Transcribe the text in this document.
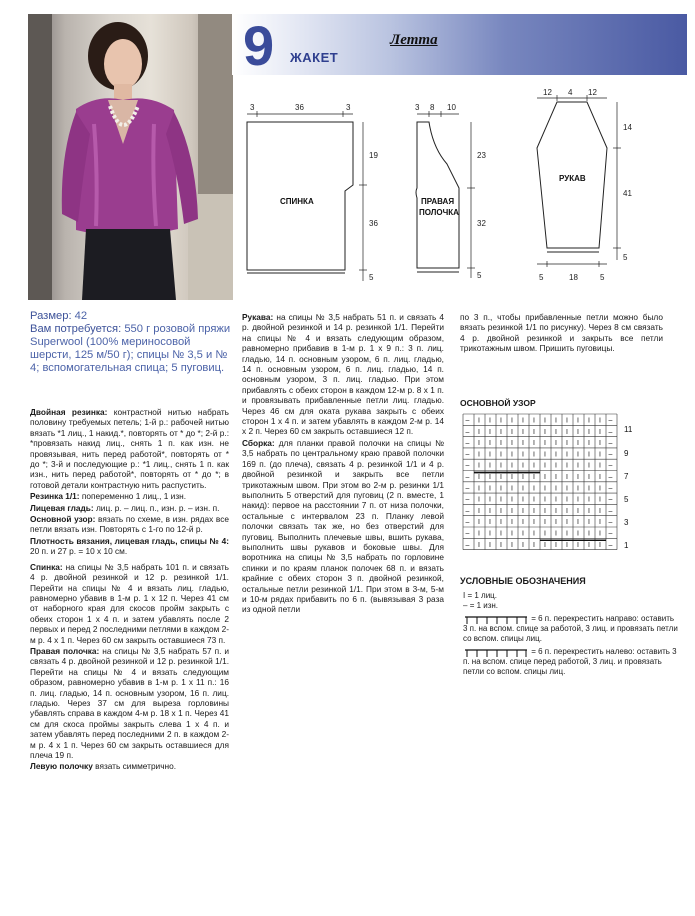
9 ЖАКЕТ
Летта
3	36	3
19
36
5
СПИНКА
3 8 10
23
32
5
ПРАВАЯ
ПОЛОЧКА
12 4 12
14
41
5
5	18	5
РУКАВ
Размер: 42
Вам потребуется: 550 г розовой пряжи Superwool (100% мериносовой шерсти, 125 м/50 г); спицы № 3,5 и № 4; вспомогательная спица; 5 пуговиц.

Двойная резинка: контрастной нитью набрать половину требуемых петель; 1-й р.: рабочей нитью вязать *1 лиц., 1 накид.*, повторять от * до *; 2-й р.: *провязать накид лиц., снять 1 п. как изн. не провязывая, нить перед работой*, повторять от * до *; 3-й и последующие р.: *1 лиц., снять 1 п. как изн., нить перед работой*, повторять от * до *; в готовой детали контрастную нить распустить.

Резинка 1/1: попеременно 1 лиц., 1 изн.

Лицевая гладь: лиц. р. – лиц. п., изн. р. – изн. п.

Основной узор: вязать по схеме, в изн. рядах все петли вязать изн. Повторять с 1-го по 12-й р.

Плотность вязания, лицевая гладь, спицы № 4: 20 п. и 27 р. = 10 х 10 см.

Спинка: на спицы № 3,5 набрать 101 п. и связать 4 р. двойной резинкой и 12 р. резинкой 1/1. Перейти на спицы № 4 и вязать лиц. гладью, равномерно убавив в 1-м р. 1 х 12 п. Через 41 см от наборного края для скосов пройм закрыть с обеих сторон 1 х 4 п. и затем убавлять после 2 первых и перед 2 последними петлями в каждом 2-м р. 4 х 1 п. Через 60 см закрыть оставшиеся 73 п.

Правая полочка: на спицы № 3,5 набрать 57 п. и связать 4 р. двойной резинкой и 12 р. резинкой 1/1. Перейти на спицы № 4 и вязать следующим образом, равномерно убавив в 1-м р. 1 х 11 п.: 16 п. лиц. гладью, 14 п. основным узором, 16 п. лиц. гладью. Через 37 см для выреза горловины убавлять справа в каждом 4-м р. 18 х 1 п. Через 41 см для скоса проймы закрыть слева 1 х 4 п. и затем убавлять перед последними 2 п. в каждом 2-м р. 4 х 1 п. Через 60 см закрыть оставшиеся для плеча 19 п.

Левую полочку вязать симметрично.

Рукава: на спицы № 3,5 набрать 51 п. и связать 4 р. двойной резинкой и 14 р. резинкой 1/1. Перейти на спицы № 4 и вязать следующим образом, равномерно прибавив в 1-м р. 1 х 9 п.: 3 п. лиц. гладью, 14 п. основным узором, 6 п. лиц. гладью, 14 п. основным узором, 6 п. лиц. гладью, 14 п. основным узором, 3 п. лиц. гладью. При этом прибавлять с обеих сторон в каждом 12-м р. 8 х 1 п. и провязывать прибавленные петли лиц. гладью. Через 46 см для оката рукава закрыть с обеих сторон 1 х 4 п. и затем убавлять в каждом 2-м р. 14 х 2 п. Через 60 см закрыть оставшиеся 12 п.

Сборка: для планки правой полочки на спицы № 3,5 набрать по центральному краю правой полочки 169 п. (до плеча), связать 4 р. резинкой 1/1 и 4 р. двойной резинкой и закрыть все петли трикотажным швом. При этом во 2-м р. резинки 1/1 выполнить 5 отверстий для пуговиц (2 п. вместе, 1 накид): первое на расстоянии 7 п. от низа полочки, остальные с интервалом 23 п. Планку левой полочки связать так же, но без отверстий для пуговиц. Выполнить плечевые швы, вшить рукава, выполнить швы рукавов и боковые швы. Для воротника на спицы № 3,5 набрать по горловине спинки и по краям планок полочек 68 п. и вязать крайние с обеих сторон 3 п. двойной резинкой, остальные петли резинкой 1/1. При этом в 3-м, 5-м и 10-м рядах прибавить по 6 п. (вывязывая 3 раза из одной петли

по 3 п., чтобы прибавленные петли можно было вязать резинкой 1/1 по рисунку). Через 8 см связать 4 р. двойной резинкой и закрыть все петли трикотажным швом. Пришить пуговицы.

ОСНОВНОЙ УЗОР
– I I I I I I I I I I I I –
– I I I I I I I I I I I I –
– I I I I I I I I I I I I –
– I I I I I I I I I I I I –
– I I I I I I I I I I I I –
– I I I I I I I I I I I I –
– I I I I I I I I I I I I –
– I I I I I I I I I I I I –
– I I I I I I I I I I I I –
– I I I I I I I I I I I I –
– I I I I I I I I I I I I –
– I I I I I I I I I I I I –
11
9
7
5
3
1
УСЛОВНЫЕ ОБОЗНАЧЕНИЯ
I = 1 лиц.
– = 1 изн.
= 6 п. перекрестить направо: оставить 3 п. на вспом. спице за работой, 3 лиц. и провязать петли со вспом. спицы лиц.
= 6 п. перекрестить налево: оставить 3 п. на вспом. спице перед работой, 3 лиц. и провязать петли со вспом. спицы лиц.
